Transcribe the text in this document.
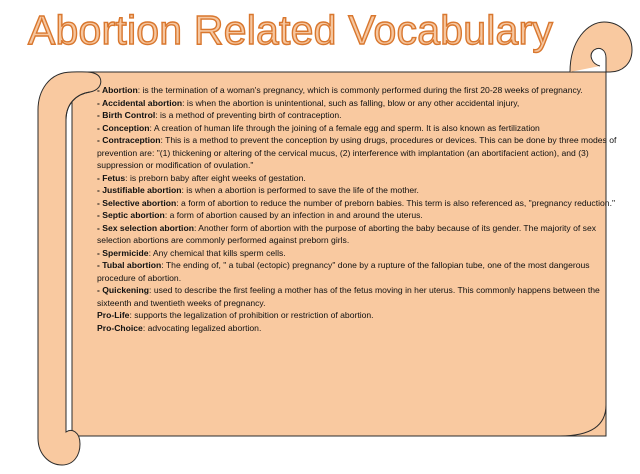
Abortion Related Vocabulary

- Abortion: is the termination of a woman's pregnancy, which is commonly performed during the first 20-28 weeks of pregnancy.

- Accidental abortion: is when the abortion is unintentional, such as falling, blow or any other accidental injury,

- Birth Control: is a method of preventing birth of contraception.

- Conception: A creation of human life through the joining of a female egg and sperm. It is also known as fertilization

- Contraception: This is a method to prevent the conception by using drugs, procedures or devices. This can be done by three modes of prevention are: "(1) thickening or altering of the cervical mucus, (2) interference with implantation (an abortifacient action), and (3) suppression or modification of ovulation."

- Fetus: is preborn baby after eight weeks of gestation.

- Justifiable abortion: is when a abortion is performed to save the life of the mother.

- Selective abortion: a form of abortion to reduce the number of preborn babies. This term is also referenced as, "pregnancy reduction."

- Septic abortion: a form of abortion caused by an infection in and around the uterus.

- Sex selection abortion: Another form of abortion with the purpose of aborting the baby because of its gender. The majority of sex selection abortions are commonly performed against preborn girls.

- Spermicide: Any chemical that kills sperm cells.

- Tubal abortion: The ending of, " a tubal (ectopic) pregnancy" done by a rupture of the fallopian tube, one of the most dangerous procedure of abortion.

- Quickening: used to describe the first feeling a mother has of the fetus moving in her uterus. This commonly happens between the sixteenth and twentieth weeks of pregnancy.

Pro-Life: supports the legalization of prohibition or restriction of abortion.

Pro-Choice: advocating legalized abortion.
